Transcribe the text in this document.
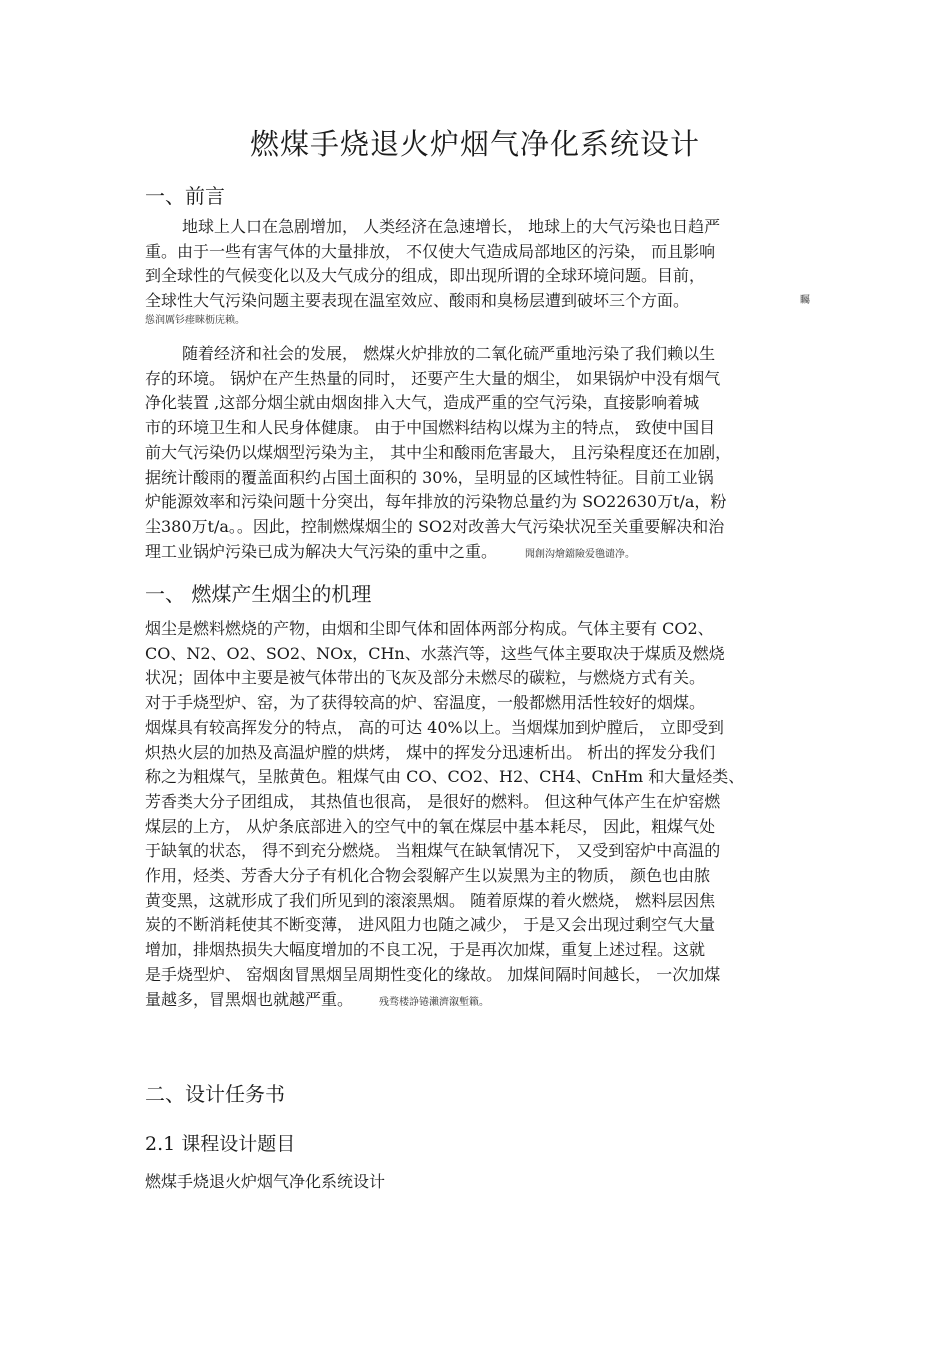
燃煤手烧退火炉烟气净化系统设计
一、前言
地球上人口在急剧增加， 人类经济在急速增长， 地球上的大气污染也日趋严
重。由于一些有害气体的大量排放， 不仅使大气造成局部地区的污染， 而且影响
到全球性的气候变化以及大气成分的组成，即出现所谓的全球环境问题。目前，
全球性大气污染问题主要表现在温室效应、酸雨和臭杨层遭到破坏三个方面。	矚
慫润厲钐瘗睞枥庑赖。
随着经济和社会的发展， 燃煤火炉排放的二氧化硫严重地污染了我们赖以生
存的环境。 锅炉在产生热量的同时， 还要产生大量的烟尘， 如果锅炉中没有烟气
净化装置 ,这部分烟尘就由烟囱排入大气，造成严重的空气污染，直接影响着城
市的环境卫生和人民身体健康。 由于中国燃料结构以煤为主的特点， 致使中国目
前大气污染仍以煤烟型污染为主， 其中尘和酸雨危害最大， 且污染程度还在加剧，
据统计酸雨的覆盖面积约占国土面积的 30%，呈明显的区域性特征。目前工业锅
炉能源效率和污染问题十分突出，每年排放的污染物总量约为 SO22630万t/a，粉
尘380万t/a。。因此，控制燃煤烟尘的 SO2对改善大气污染状况至关重要解决和治
理工业锅炉污染已成为解决大气污染的重中之重。	聞創沟燴鐺險爱氇谴净。
一、 燃煤产生烟尘的机理
烟尘是燃料燃烧的产物，由烟和尘即气体和固体两部分构成。气体主要有 CO2、
CO、N2、O2、SO2、NOx，CHn、水蒸汽等，这些气体主要取决于煤质及燃烧
状况；固体中主要是被气体带出的飞灰及部分未燃尽的碳粒，与燃烧方式有关。
对于手烧型炉、窑，为了获得较高的炉、窑温度，一般都燃用活性较好的烟煤。
烟煤具有较高挥发分的特点， 高的可达 40%以上。当烟煤加到炉膛后， 立即受到
炽热火层的加热及高温炉膛的烘烤， 煤中的挥发分迅速析出。 析出的挥发分我们
称之为粗煤气，呈脓黄色。粗煤气由 CO、CO2、H2、CH4、CnHm 和大量烃类、
芳香类大分子团组成， 其热值也很高， 是很好的燃料。 但这种气体产生在炉窑燃
煤层的上方， 从炉条底部进入的空气中的氧在煤层中基本耗尽， 因此，粗煤气处
于缺氧的状态， 得不到充分燃烧。 当粗煤气在缺氧情况下， 又受到窑炉中高温的
作用，烃类、芳香大分子有机化合物会裂解产生以炭黑为主的物质， 颜色也由脓
黄变黑，这就形成了我们所见到的滚滚黑烟。 随着原煤的着火燃烧， 燃料层因焦
炭的不断消耗使其不断变薄， 进风阻力也随之减少， 于是又会出现过剩空气大量
增加，排烟热损失大幅度增加的不良工况，于是再次加煤，重复上述过程。这就
是手烧型炉、 窑烟囱冒黑烟呈周期性变化的缘故。 加煤间隔时间越长， 一次加煤
量越多，冒黑烟也就越严重。	残骛楼諍锩瀨濟溆塹籟。
二、设计任务书
2.1 课程设计题目

燃煤手烧退火炉烟气净化系统设计
